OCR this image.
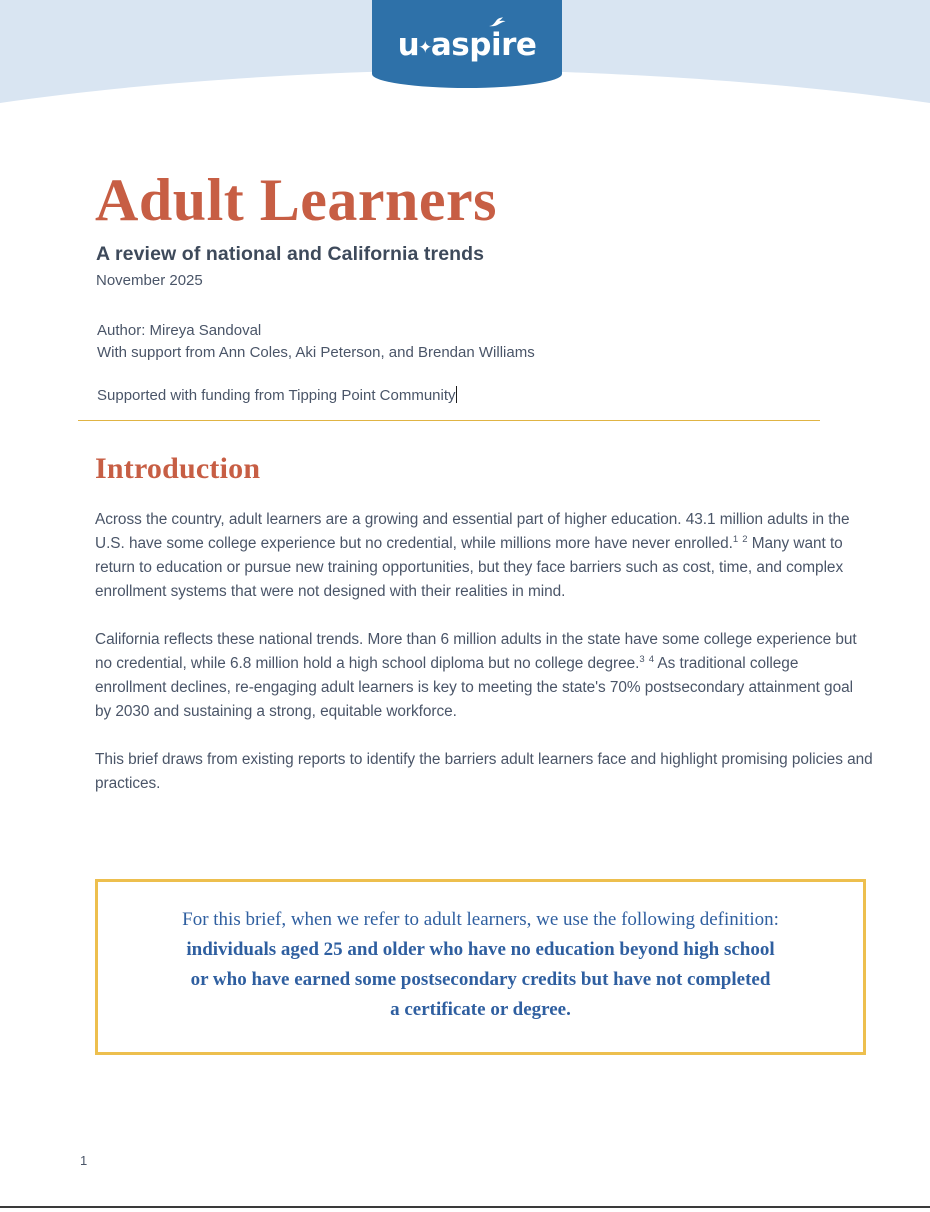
u✦asp
ire
Adult Learners
A review of national and California trends
November 2025
Author: Mireya Sandoval
With support from Ann Coles, Aki Peterson, and Brendan Williams
Supported with funding from Tipping Point Community
Introduction

Across the country, adult learners are a growing and essential part of higher education. 43.1 million adults in the U.S. have some college experience but no credential, while millions more have never enrolled.$^1$ $^2$ Many want to return to education or pursue new training opportunities, but they face barriers such as cost, time, and complex enrollment systems that were not designed with their realities in mind.

California reflects these national trends. More than 6 million adults in the state have some college experience but no credential, while 6.8 million hold a high school diploma but no college degree.$^3$ $^4$ As traditional college enrollment declines, re-engaging adult learners is key to meeting the state's 70% postsecondary attainment goal by 2030 and sustaining a strong, equitable workforce.

This brief draws from existing reports to identify the barriers adult learners face and highlight promising policies and practices.

For this brief, when we refer to adult learners, we use the following definition:
individuals aged 25 and older who have no education beyond high school
or who have earned some postsecondary credits but have not completed
a certificate or degree.
1
